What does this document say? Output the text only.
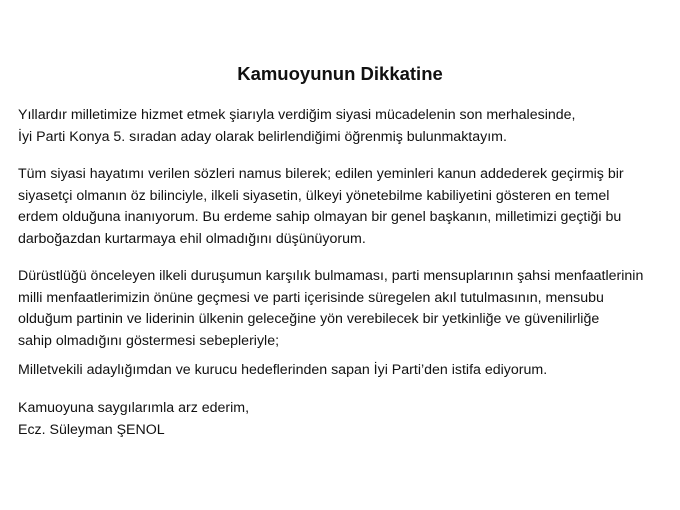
Kamuoyunun Dikkatine
Yıllardır milletimize hizmet etmek şiarıyla verdiğim siyasi mücadelenin son merhalesinde,
İyi Parti Konya 5. sıradan aday olarak belirlendiğimi öğrenmiş bulunmaktayım.
Tüm siyasi hayatımı verilen sözleri namus bilerek; edilen yeminleri kanun addederek geçirmiş bir
siyasetçi olmanın öz bilinciyle, ilkeli siyasetin, ülkeyi yönetebilme kabiliyetini gösteren en temel
erdem olduğuna inanıyorum. Bu erdeme sahip olmayan bir genel başkanın, milletimizi geçtiği bu
darboğazdan kurtarmaya ehil olmadığını düşünüyorum.
Dürüstlüğü önceleyen ilkeli duruşumun karşılık bulmaması, parti mensuplarının şahsi menfaatlerinin
milli menfaatlerimizin önüne geçmesi ve parti içerisinde süregelen akıl tutulmasının, mensubu
olduğum partinin ve liderinin ülkenin geleceğine yön verebilecek bir yetkinliğe ve güvenilirliğe
sahip olmadığını göstermesi sebepleriyle;
Milletvekili adaylığımdan ve kurucu hedeflerinden sapan İyi Parti’den istifa ediyorum.
Kamuoyuna saygılarımla arz ederim,
Ecz. Süleyman ŞENOL
